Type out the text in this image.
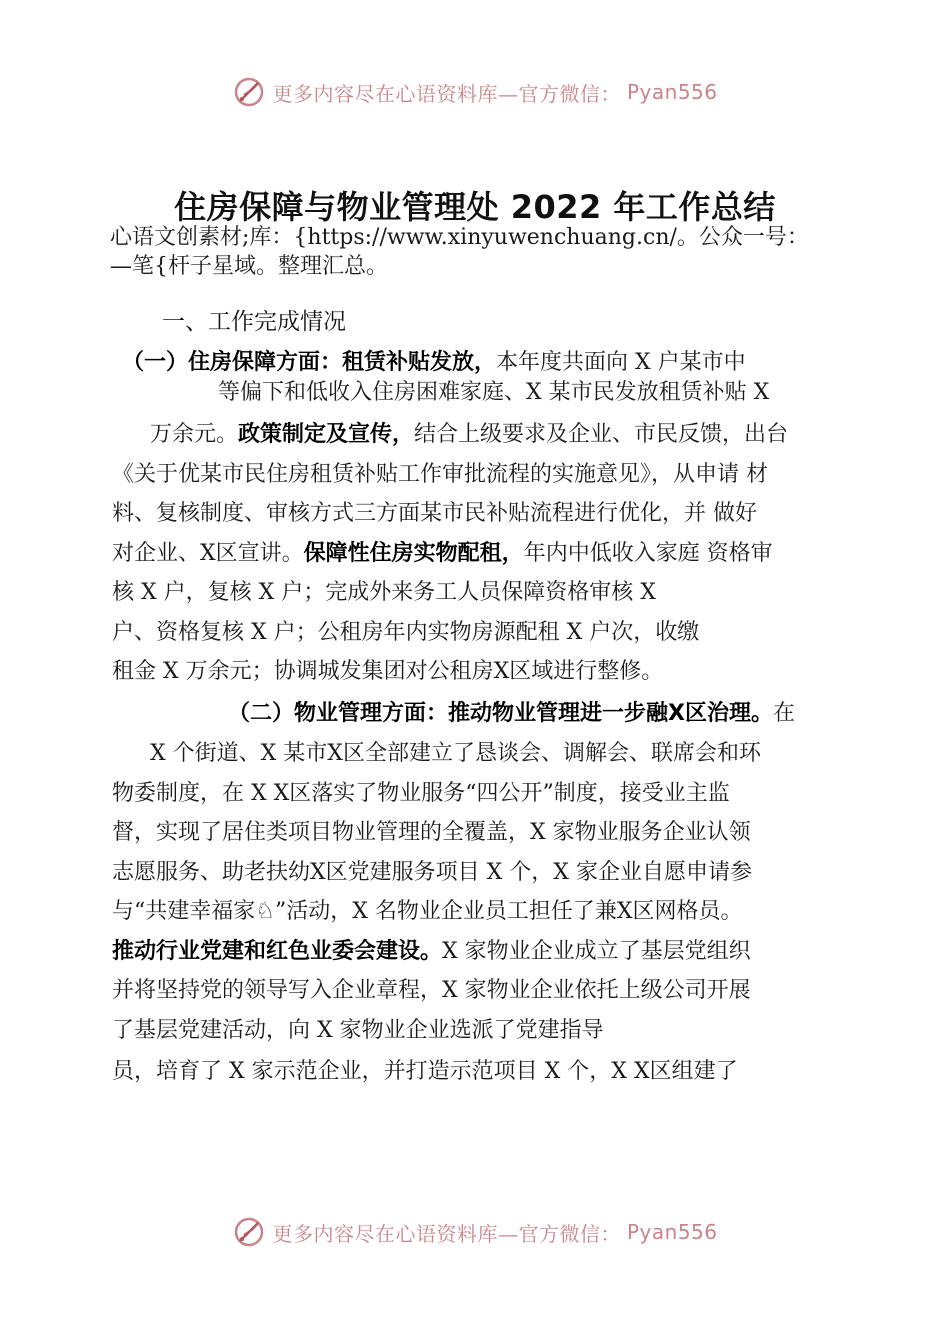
更多内容尽在心语资料库—官方微信： Pyan556
住房保障与物业管理处 2022 年工作总结
心语文创素材;库：{https://www.xinyuwenchuang.cn/。公众一号：
—笔{杆子星域。整理汇总。
一、工作完成情况
（一）住房保障方面：租赁补贴发放，本年度共面向 X 户某市中
等偏下和低收入住房困难家庭、X 某市民发放租赁补贴 X
万余元。政策制定及宣传，结合上级要求及企业、市民反馈，出台
《关于优某市民住房租赁补贴工作审批流程的实施意见》，从申请 材
料、复核制度、审核方式三方面某市民补贴流程进行优化，并 做好
对企业、X区宣讲。保障性住房实物配租，年内中低收入家庭 资格审
核 X 户，复核 X 户；完成外来务工人员保障资格审核 X
户、资格复核 X 户；公租房年内实物房源配租 X 户次，收缴
租金 X 万余元；协调城发集团对公租房X区域进行整修。
（二）物业管理方面：推动物业管理进一步融X区治理。在
X 个街道、X 某市X区全部建立了恳谈会、调解会、联席会和环
物委制度，在 X X区落实了物业服务“四公开”制度，接受业主监
督，实现了居住类项目物业管理的全覆盖，X 家物业服务企业认领
志愿服务、助老扶幼X区党建服务项目 X 个，X 家企业自愿申请参
与“共建幸福家♘”活动，X 名物业企业员工担任了兼X区网格员。
推动行业党建和红色业委会建设。X 家物业企业成立了基层党组织
并将坚持党的领导写入企业章程，X 家物业企业依托上级公司开展
了基层党建活动，向 X 家物业企业选派了党建指导
员，培育了 X 家示范企业，并打造示范项目 X 个，X X区组建了
更多内容尽在心语资料库—官方微信： Pyan556
